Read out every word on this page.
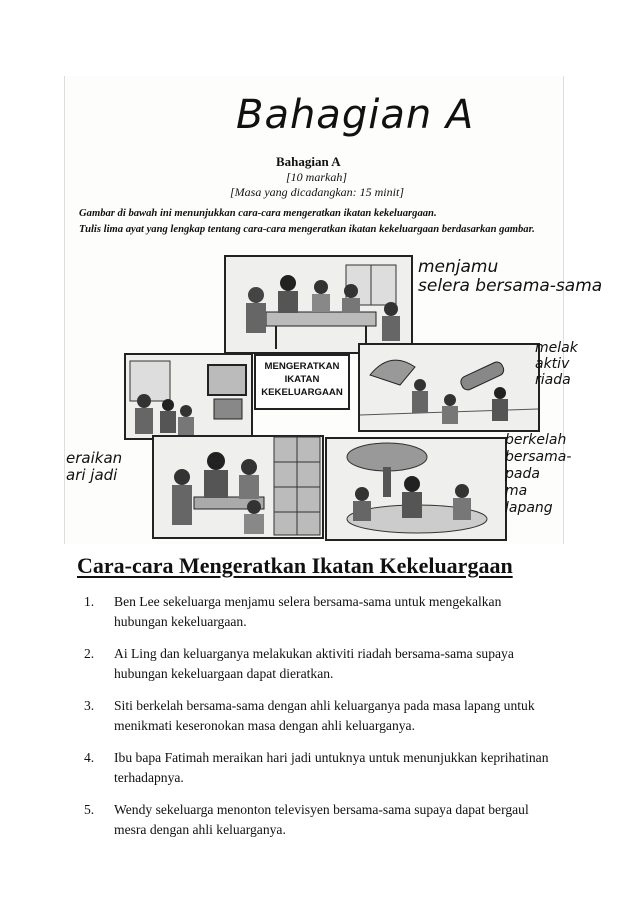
Bahagian A
Bahagian A
[10 markah]
[Masa yang dicadangkan: 15 minit]
Gambar di bawah ini menunjukkan cara-cara mengeratkan ikatan kekeluargaan.
Tulis lima ayat yang lengkap tentang cara-cara mengeratkan ikatan kekeluargaan berdasarkan gambar.
MENGERATKAN
IKATAN
KEKELUARGAAN
menjamu
selera bersama-sama
melak
aktiv
riada
eraikan
ari jadi
berkelah
bersama-
pada ma
lapang
Cara-cara Mengeratkan Ikatan Kekeluargaan
1. Ben Lee sekeluarga menjamu selera bersama-sama untuk mengekalkan hubungan kekeluargaan.
2. Ai Ling dan keluarganya melakukan aktiviti riadah bersama-sama supaya hubungan kekeluargaan dapat dieratkan.
3. Siti berkelah bersama-sama dengan ahli keluarganya pada masa lapang untuk menikmati keseronokan masa dengan ahli keluarganya.
4. Ibu bapa Fatimah meraikan hari jadi untuknya untuk menunjukkan keprihatinan terhadapnya.
5. Wendy sekeluarga menonton televisyen bersama-sama supaya dapat bergaul mesra dengan ahli keluarganya.
